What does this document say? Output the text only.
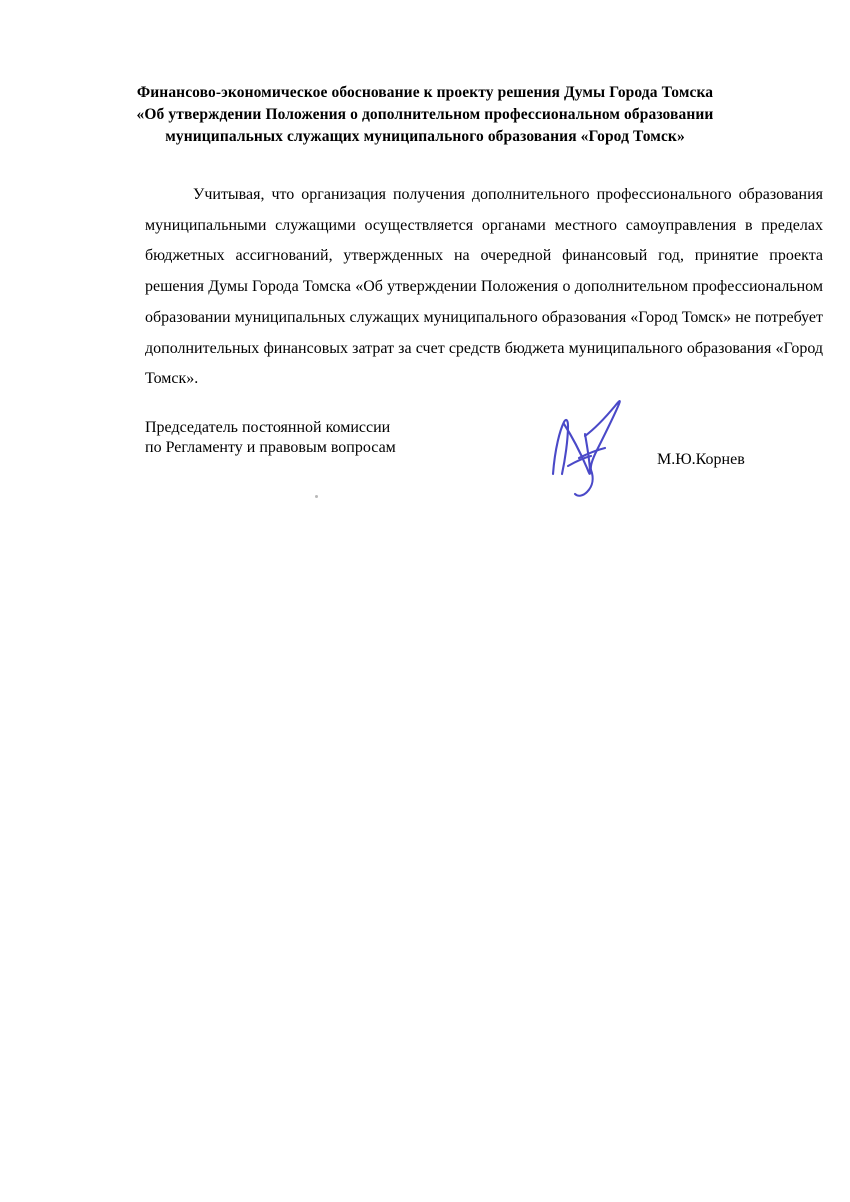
Финансово-экономическое обоснование к проекту решения Думы Города Томска
«Об утверждении Положения о дополнительном профессиональном образовании
муниципальных служащих муниципального образования «Город Томск»
Учитывая, что организация получения дополнительного профессионального образования муниципальными служащими осуществляется органами местного самоуправления в пределах бюджетных ассигнований, утвержденных на очередной финансовый год, принятие проекта решения Думы Города Томска «Об утверждении Положения о дополнительном профессиональном образовании муниципальных служащих муниципального образования «Город Томск» не потребует дополнительных финансовых затрат за счет средств бюджета муниципального образования «Город Томск».
Председатель постоянной комиссии
по Регламенту и правовым вопросам
М.Ю.Корнев
